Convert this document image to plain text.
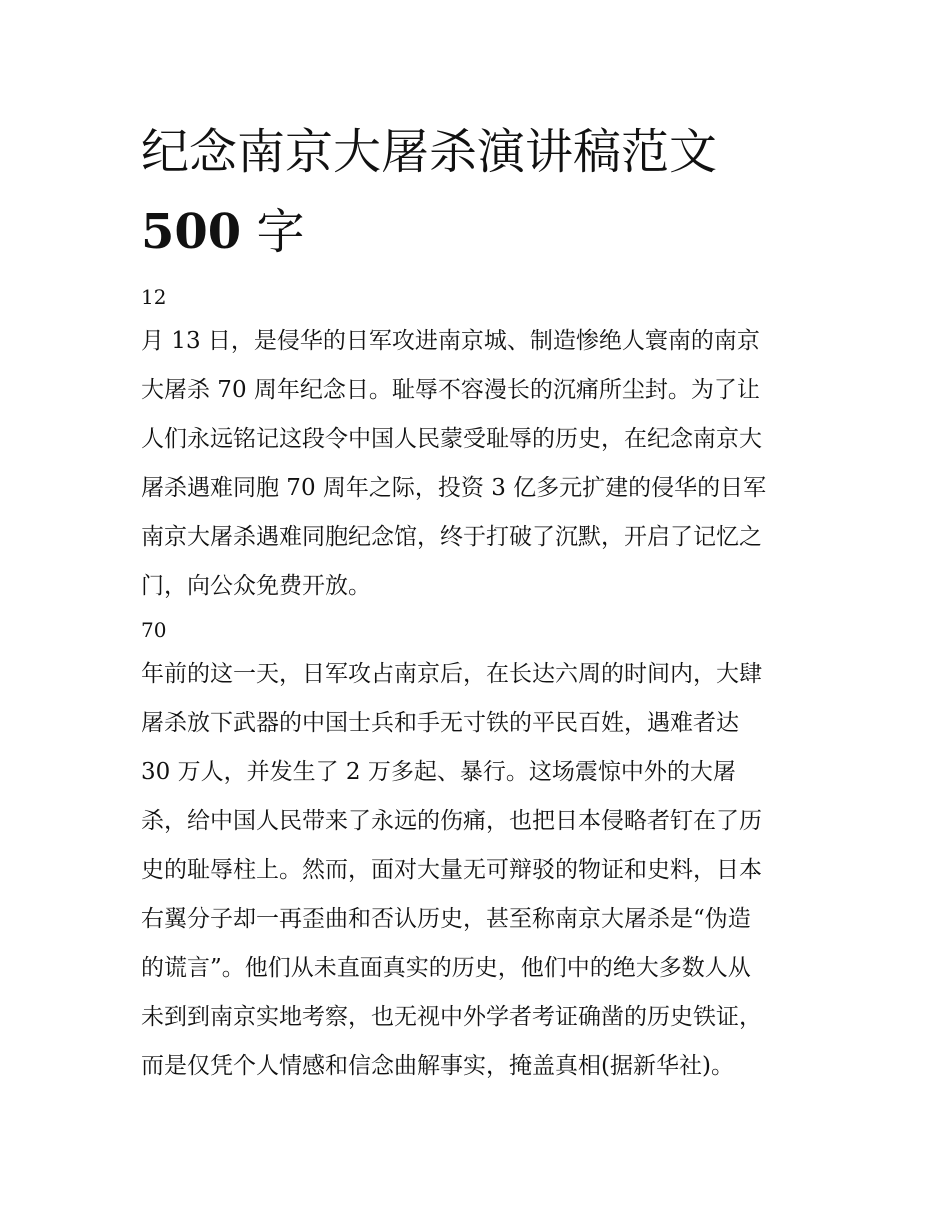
纪念南京大屠杀演讲稿范文
500 字
12
月 13 日，是侵华的日军攻进南京城、制造惨绝人寰南的南京
大屠杀 70 周年纪念日。耻辱不容漫长的沉痛所尘封。为了让
人们永远铭记这段令中国人民蒙受耻辱的历史，在纪念南京大
屠杀遇难同胞 70 周年之际，投资 3 亿多元扩建的侵华的日军
南京大屠杀遇难同胞纪念馆，终于打破了沉默，开启了记忆之
门，向公众免费开放。
70
年前的这一天，日军攻占南京后，在长达六周的时间内，大肆
屠杀放下武器的中国士兵和手无寸铁的平民百姓，遇难者达
30 万人，并发生了 2 万多起、暴行。这场震惊中外的大屠
杀，给中国人民带来了永远的伤痛，也把日本侵略者钉在了历
史的耻辱柱上。然而，面对大量无可辩驳的物证和史料，日本
右翼分子却一再歪曲和否认历史，甚至称南京大屠杀是“伪造
的谎言”。他们从未直面真实的历史，他们中的绝大多数人从
未到到南京实地考察，也无视中外学者考证确凿的历史铁证，
而是仅凭个人情感和信念曲解事实，掩盖真相(据新华社)。
